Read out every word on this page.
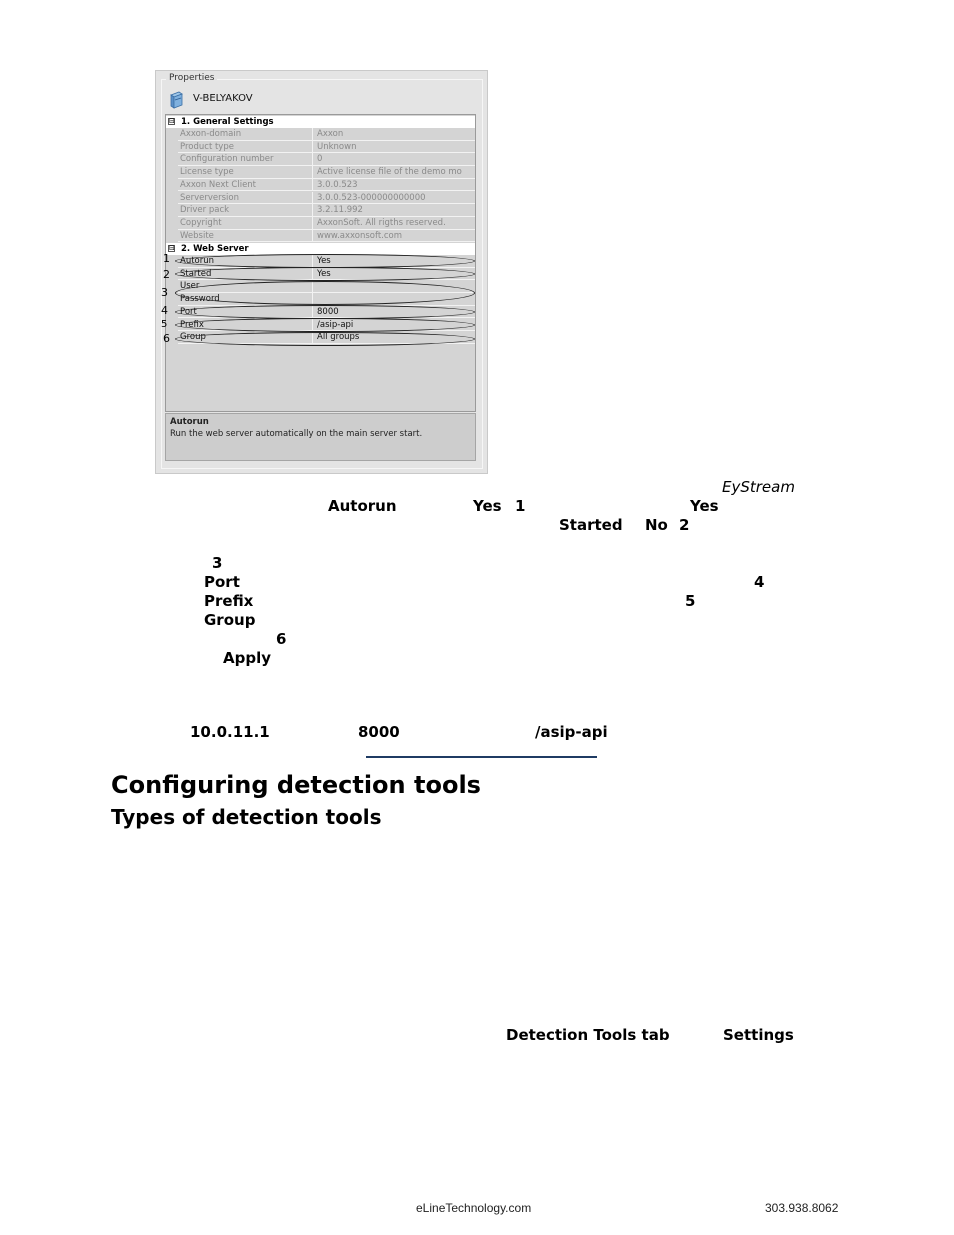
Properties
V-BELYAKOV
⊟ 1. General Settings
Axxon-domain	Axxon
Product type	Unknown
Configuration number	0
License type	Active license file of the demo mo
Axxon Next Client	3.0.0.523
Serverversion	3.0.0.523-000000000000
Driver pack	3.2.11.992
Copyright	AxxonSoft. All rigths reserved.
Website	www.axxonsoft.com
⊟ 2. Web Server
Autorun	Yes
Started	Yes
User
Password
Port	8000
Prefix	/asip-api
Group	All groups
1
2
3
4
5
6
Autorun
Run the web server automatically on the main server start.
EyStream
Autorun	Yes 1	Yes
Started No 2
3
Port	4
Prefix	5
Group
6
Apply
10.0.11.1	8000	/asip-api
Configuring detection tools
Types of detection tools
Detection Tools tab	Settings
eLineTechnology.com	303.938.8062
